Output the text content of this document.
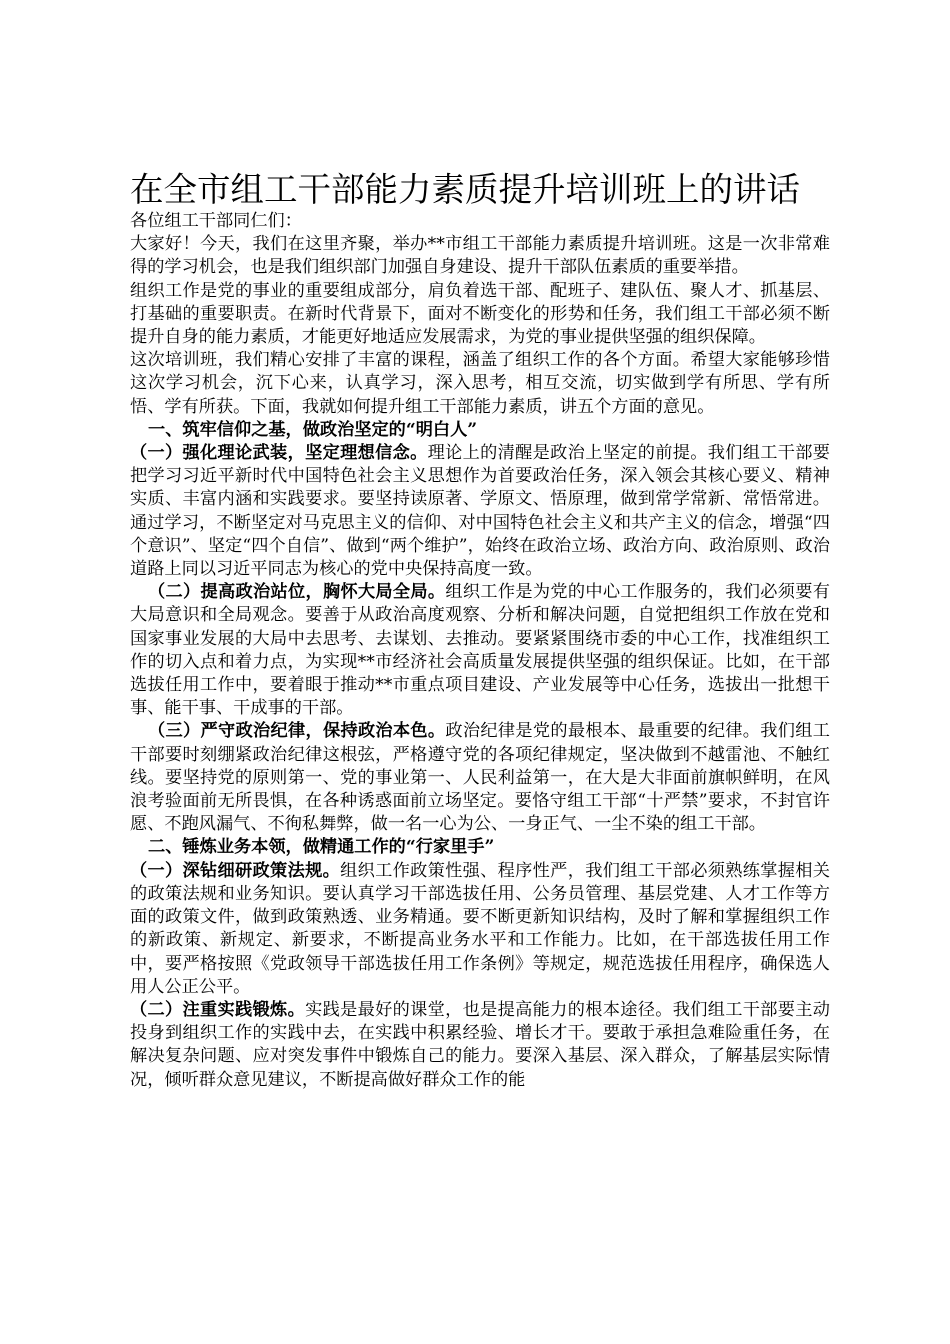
在全市组工干部能力素质提升培训班上的讲话

各位组工干部同仁们：

大家好！今天，我们在这里齐聚，举办**市组工干部能力素质提升培训班。这是一次非常难得的学习机会，也是我们组织部门加强自身建设、提升干部队伍素质的重要举措。

组织工作是党的事业的重要组成部分，肩负着选干部、配班子、建队伍、聚人才、抓基层、打基础的重要职责。在新时代背景下，面对不断变化的形势和任务，我们组工干部必须不断提升自身的能力素质，才能更好地适应发展需求，为党的事业提供坚强的组织保障。

这次培训班，我们精心安排了丰富的课程，涵盖了组织工作的各个方面。希望大家能够珍惜这次学习机会，沉下心来，认真学习，深入思考，相互交流，切实做到学有所思、学有所悟、学有所获。下面，我就如何提升组工干部能力素质，讲五个方面的意见。

一、筑牢信仰之基，做政治坚定的“明白人”

（一）强化理论武装，坚定理想信念。理论上的清醒是政治上坚定的前提。我们组工干部要把学习习近平新时代中国特色社会主义思想作为首要政治任务，深入领会其核心要义、精神实质、丰富内涵和实践要求。要坚持读原著、学原文、悟原理，做到常学常新、常悟常进。通过学习，不断坚定对马克思主义的信仰、对中国特色社会主义和共产主义的信念，增强“四个意识”、坚定“四个自信”、做到“两个维护”，始终在政治立场、政治方向、政治原则、政治道路上同以习近平同志为核心的党中央保持高度一致。

（二）提高政治站位，胸怀大局全局。组织工作是为党的中心工作服务的，我们必须要有大局意识和全局观念。要善于从政治高度观察、分析和解决问题，自觉把组织工作放在党和国家事业发展的大局中去思考、去谋划、去推动。要紧紧围绕市委的中心工作，找准组织工作的切入点和着力点，为实现**市经济社会高质量发展提供坚强的组织保证。比如，在干部选拔任用工作中，要着眼于推动**市重点项目建设、产业发展等中心任务，选拔出一批想干事、能干事、干成事的干部。

（三）严守政治纪律，保持政治本色。政治纪律是党的最根本、最重要的纪律。我们组工干部要时刻绷紧政治纪律这根弦，严格遵守党的各项纪律规定，坚决做到不越雷池、不触红线。要坚持党的原则第一、党的事业第一、人民利益第一，在大是大非面前旗帜鲜明，在风浪考验面前无所畏惧，在各种诱惑面前立场坚定。要恪守组工干部“十严禁”要求，不封官许愿、不跑风漏气、不徇私舞弊，做一名一心为公、一身正气、一尘不染的组工干部。

二、锤炼业务本领，做精通工作的“行家里手”

（一）深钻细研政策法规。组织工作政策性强、程序性严，我们组工干部必须熟练掌握相关的政策法规和业务知识。要认真学习干部选拔任用、公务员管理、基层党建、人才工作等方面的政策文件，做到政策熟透、业务精通。要不断更新知识结构，及时了解和掌握组织工作的新政策、新规定、新要求，不断提高业务水平和工作能力。比如，在干部选拔任用工作中，要严格按照《党政领导干部选拔任用工作条例》等规定，规范选拔任用程序，确保选人用人公正公平。

（二）注重实践锻炼。实践是最好的课堂，也是提高能力的根本途径。我们组工干部要主动投身到组织工作的实践中去，在实践中积累经验、增长才干。要敢于承担急难险重任务，在解决复杂问题、应对突发事件中锻炼自己的能力。要深入基层、深入群众，了解基层实际情况，倾听群众意见建议，不断提高做好群众工作的能
